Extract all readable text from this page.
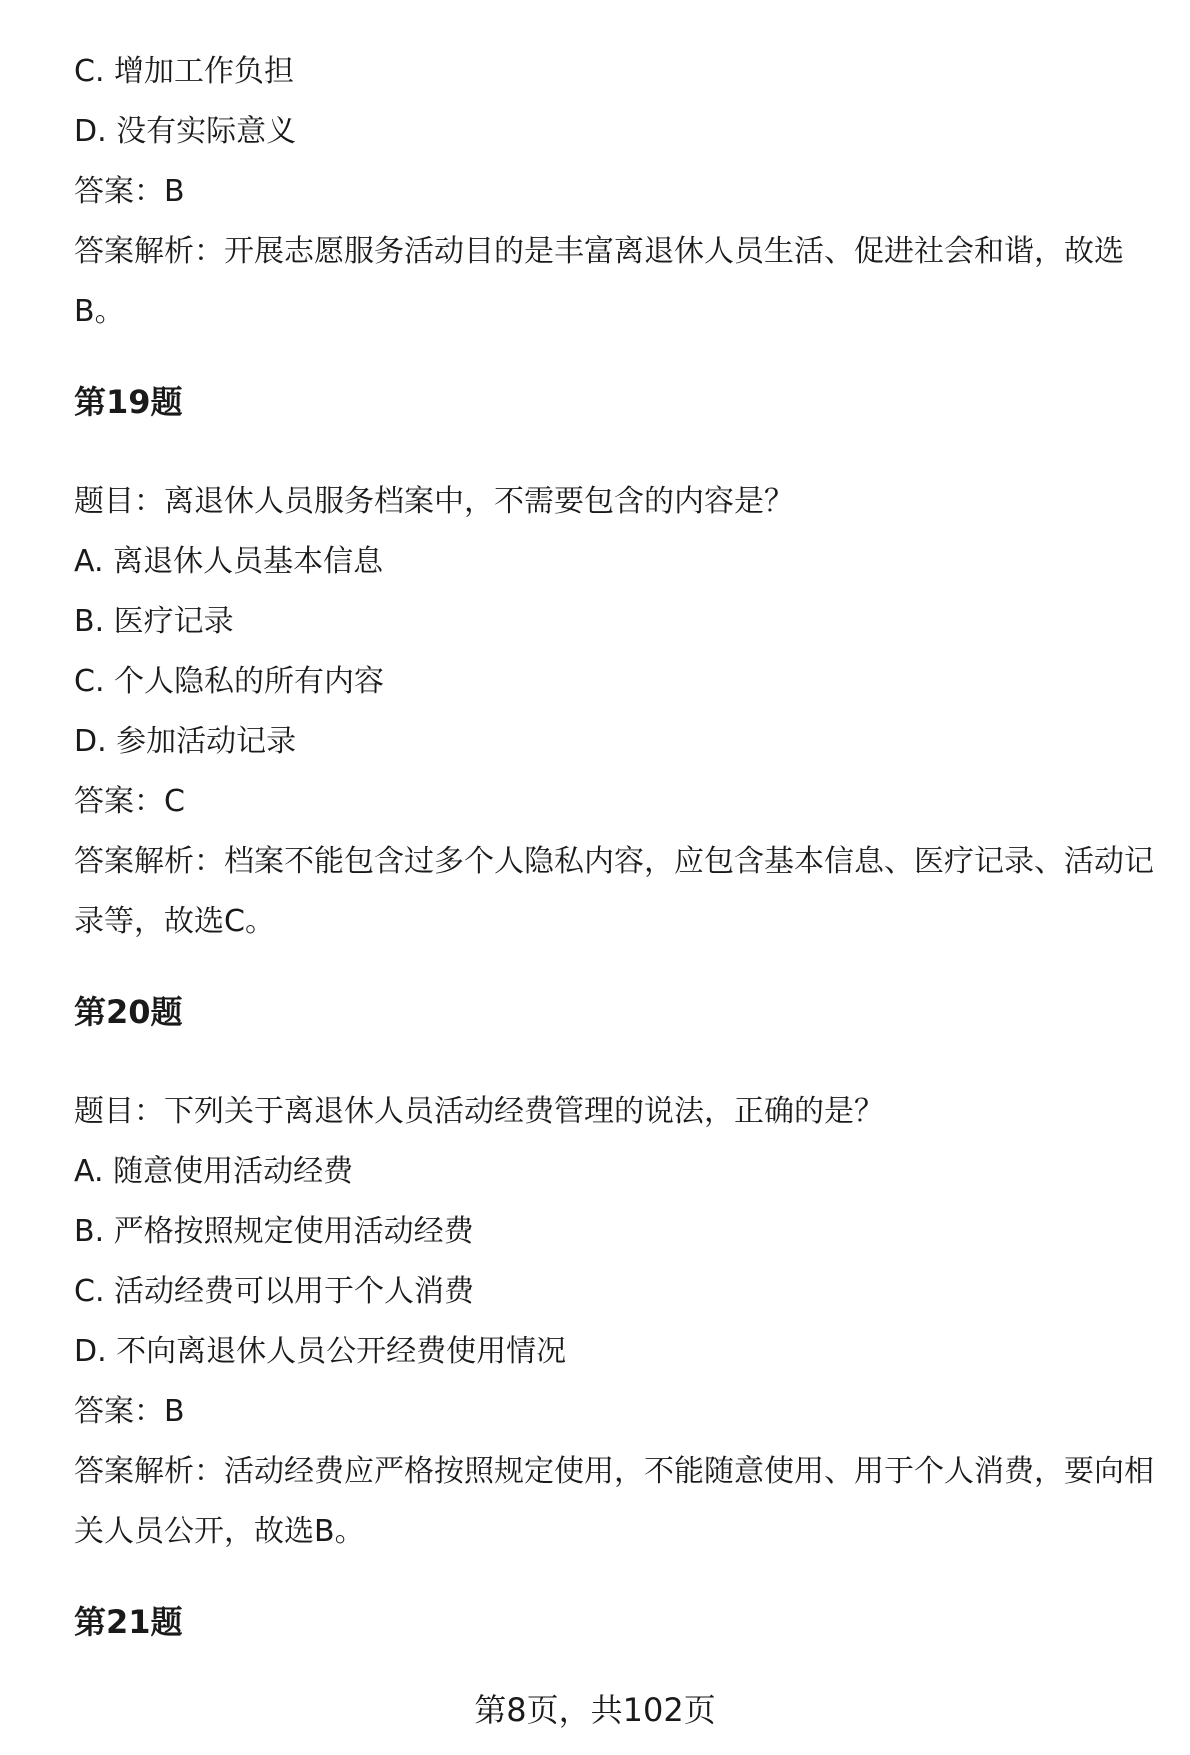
C. 增加工作负担

D. 没有实际意义

答案：B

答案解析：开展志愿服务活动目的是丰富离退休人员生活、促进社会和谐，故选

B。

第19题

题目：离退休人员服务档案中，不需要包含的内容是？

A. 离退休人员基本信息

B. 医疗记录

C. 个人隐私的所有内容

D. 参加活动记录

答案：C

答案解析：档案不能包含过多个人隐私内容，应包含基本信息、医疗记录、活动记

录等，故选C。

第20题

题目：下列关于离退休人员活动经费管理的说法，正确的是？

A. 随意使用活动经费

B. 严格按照规定使用活动经费

C. 活动经费可以用于个人消费

D. 不向离退休人员公开经费使用情况

答案：B

答案解析：活动经费应严格按照规定使用，不能随意使用、用于个人消费，要向相

关人员公开，故选B。

第21题

第8页，共102页
